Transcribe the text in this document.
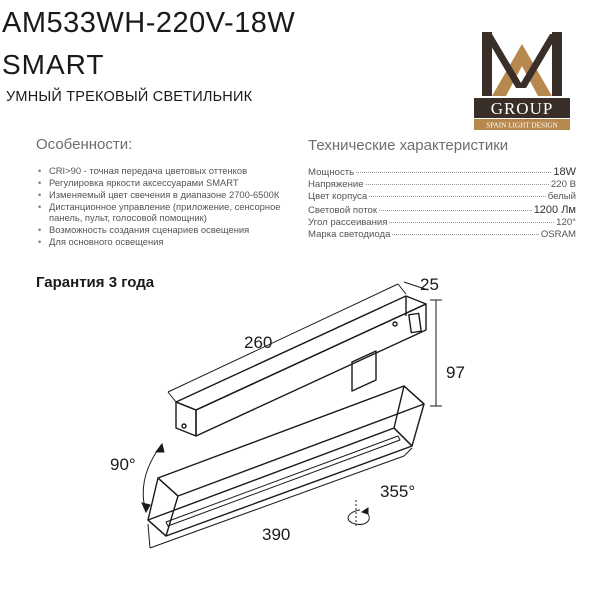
AM533WH-220V-18W
SMART
УМНЫЙ ТРЕКОВЫЙ СВЕТИЛЬНИК
GROUP
SPAIN LIGHT DESIGN
Особенности:
• CRI>90 - точная передача цветовых оттенков
• Регулировка яркости аксессуарами SMART
• Изменяемый цвет свечения в диапазоне 2700-6500К
• Дистанционное управление (приложение, сенсорное панель, пульт, голосовой помощник)
• Возможность создания сценариев освещения
• Для основного освещения
Технические характеристики
Мощность	18W
Напряжение	220 В
Цвет корпуса	белый
Световой поток	1200 Лм
Угол рассеивания	120°
Марка светодиода	OSRAM
Гарантия 3 года	25
260
97
90°
355°
390
